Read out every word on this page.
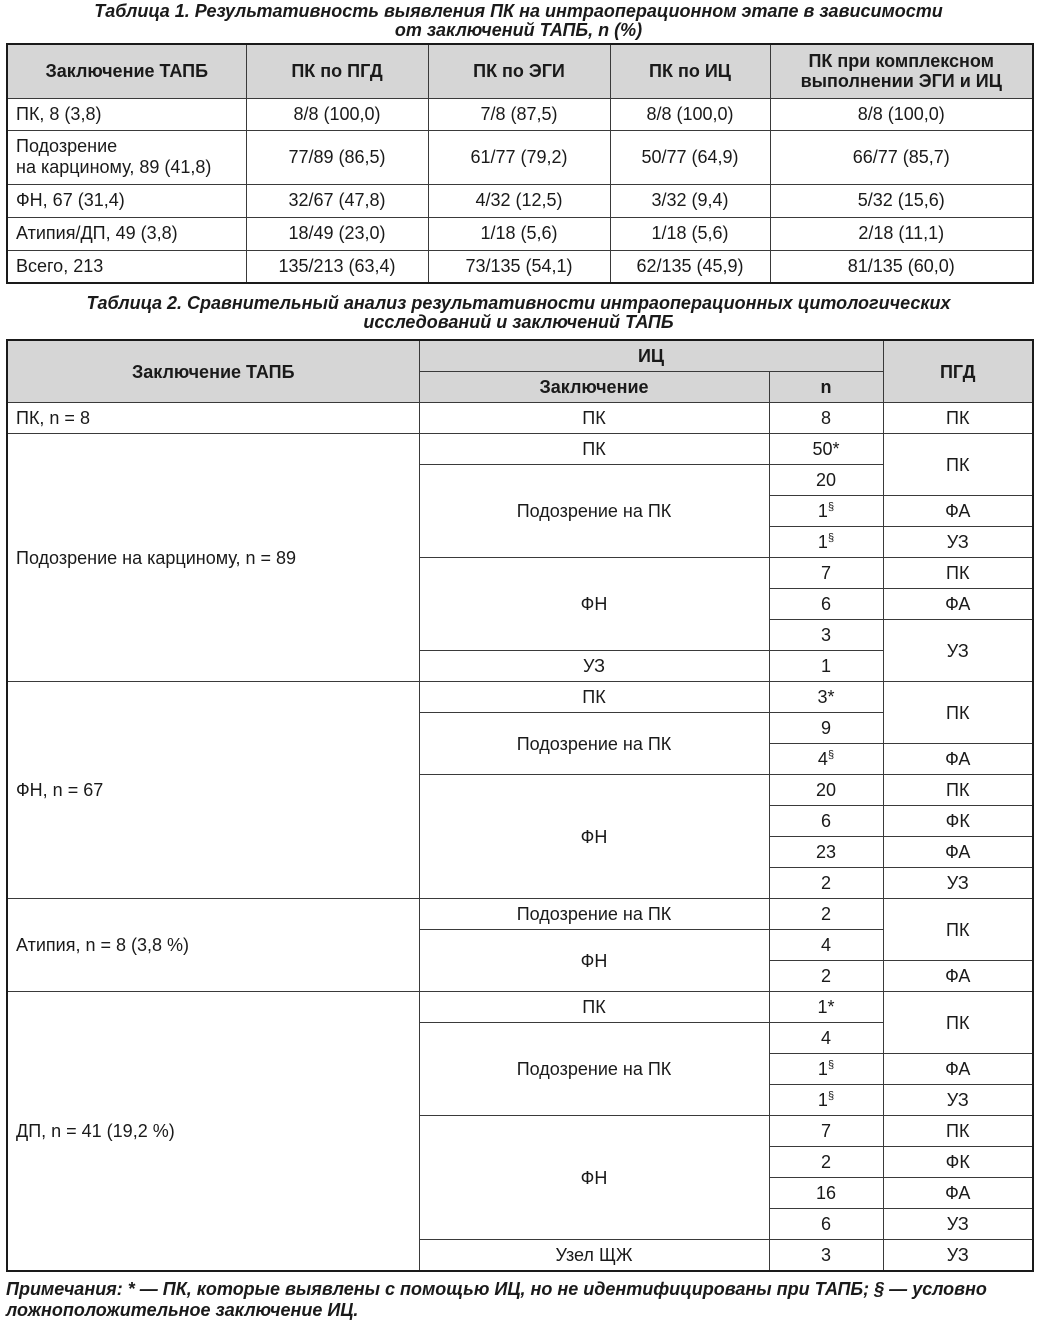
Таблица 1. Результативность выявления ПК на интраоперационном этапе в зависимости
от заключений ТАПБ, n (%)
Заключение ТАПБ	ПК по ПГД	ПК по ЭГИ	ПК по ИЦ	ПК при комплексном
выполнении ЭГИ и ИЦ

ПК, 8 (3,8)	8/8 (100,0)	7/8 (87,5)	8/8 (100,0)	8/8 (100,0)

Подозрение
на карциному, 89 (41,8)	77/89 (86,5)	61/77 (79,2)	50/77 (64,9)	66/77 (85,7)
ФН, 67 (31,4)	32/67 (47,8)	4/32 (12,5)	3/32 (9,4)	5/32 (15,6)
Атипия/ДП, 49 (3,8)	18/49 (23,0)	1/18 (5,6)	1/18 (5,6)	2/18 (11,1)
Всего, 213	135/213 (63,4)	73/135 (54,1)	62/135 (45,9)	81/135 (60,0)
Таблица 2. Сравнительный анализ результативности интраоперационных цитологических
исследований и заключений ТАПБ
Заключение ТАПБ	ИЦ		ПГД
	Заключение	n	
ПК, n = 8	ПК	8	ПК
Подозрение на карциному, n = 89	ПК	50*	ПК
	Подозрение на ПК	20	
		1§	ФА
		1§	УЗ
	ФН	7	ПК
		6	ФА
		3	УЗ
	УЗ	1	
ФН, n = 67	ПК	3*	ПК
	Подозрение на ПК	9	
		4§	ФА
	ФН	20	ПК
		6	ФК
		23	ФА
		2	УЗ
Атипия, n = 8 (3,8 %)	Подозрение на ПК	2	ПК
	ФН	4	
		2	ФА
ДП, n = 41 (19,2 %)	ПК	1*	ПК
	Подозрение на ПК	4	
		1§	ФА
		1§	УЗ
	ФН	7	ПК
		2	ФК
		16	ФА
		6	УЗ
	Узел ЩЖ	3	УЗ
Примечания: * — ПК, которые выявлены с помощью ИЦ, но не идентифицированы при ТАПБ; § — условно
ложноположительное заключение ИЦ.
